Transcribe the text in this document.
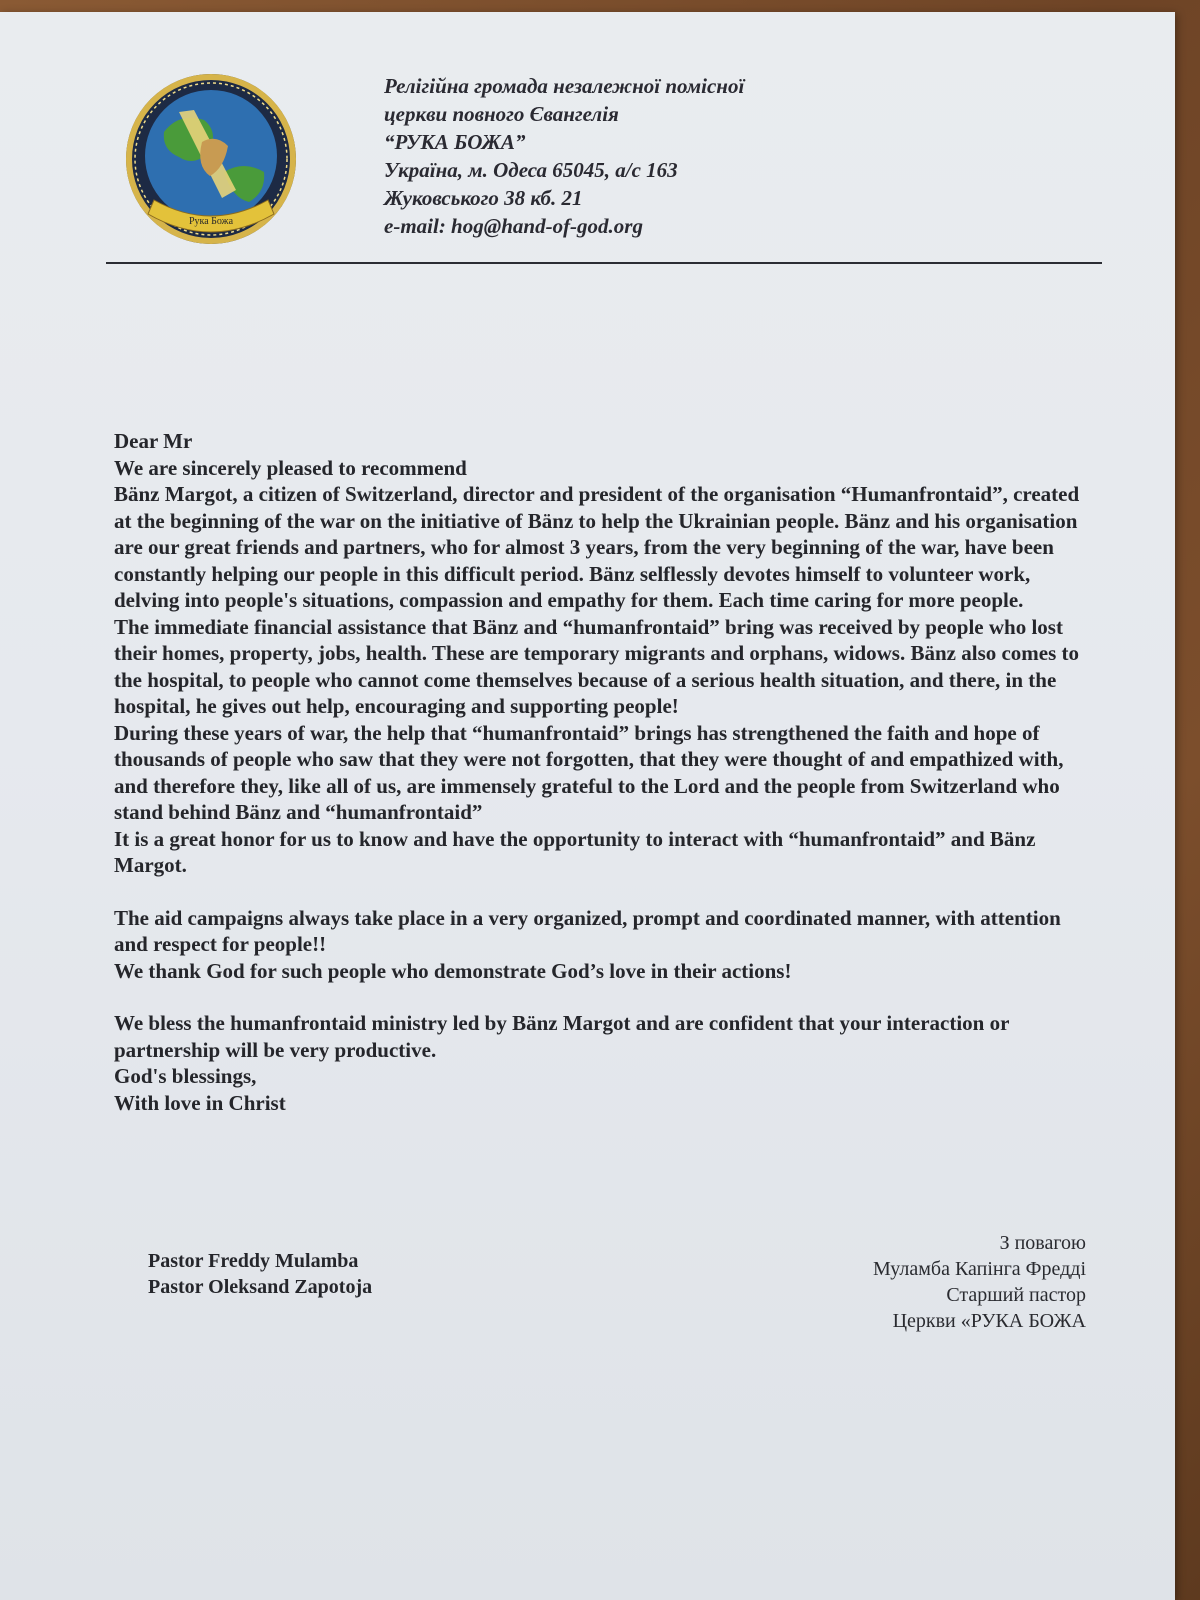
Рука Божа
Релігійна громада незалежної помісної
церкви повного Євангелія
“РУКА БОЖА”
Україна, м. Одеса 65045, а/с 163
Жуковського 38 кб. 21
e-mail: hog@hand-of-god.org

Dear Mr

We are sincerely pleased to recommend

Bänz Margot, a citizen of Switzerland, director and president of the organisation “Humanfrontaid”, created at the beginning of the war on the initiative of Bänz to help the Ukrainian people. Bänz and his organisation are our great friends and partners, who for almost 3 years, from the very beginning of the war, have been constantly helping our people in this difficult period. Bänz selflessly devotes himself to volunteer work, delving into people's situations, compassion and empathy for them. Each time caring for more people.

The immediate financial assistance that Bänz and “humanfrontaid” bring was received by people who lost their homes, property, jobs, health. These are temporary migrants and orphans, widows. Bänz also comes to the hospital, to people who cannot come themselves because of a serious health situation, and there, in the hospital, he gives out help, encouraging and supporting people!

During these years of war, the help that “humanfrontaid” brings has strengthened the faith and hope of thousands of people who saw that they were not forgotten, that they were thought of and empathized with, and therefore they, like all of us, are immensely grateful to the Lord and the people from Switzerland who stand behind Bänz and “humanfrontaid”

It is a great honor for us to know and have the opportunity to interact with “humanfrontaid” and Bänz Margot.

The aid campaigns always take place in a very organized, prompt and coordinated manner, with attention and respect for people!!

We thank God for such people who demonstrate God’s love in their actions!

We bless the humanfrontaid ministry led by Bänz Margot and are confident that your interaction or partnership will be very productive.

God's blessings,

With love in Christ

Pastor Freddy Mulamba
Pastor Oleksand Zapotoja
З повагою
Муламба Капінга Фредді
Старший пастор
Церкви «РУКА БОЖА
